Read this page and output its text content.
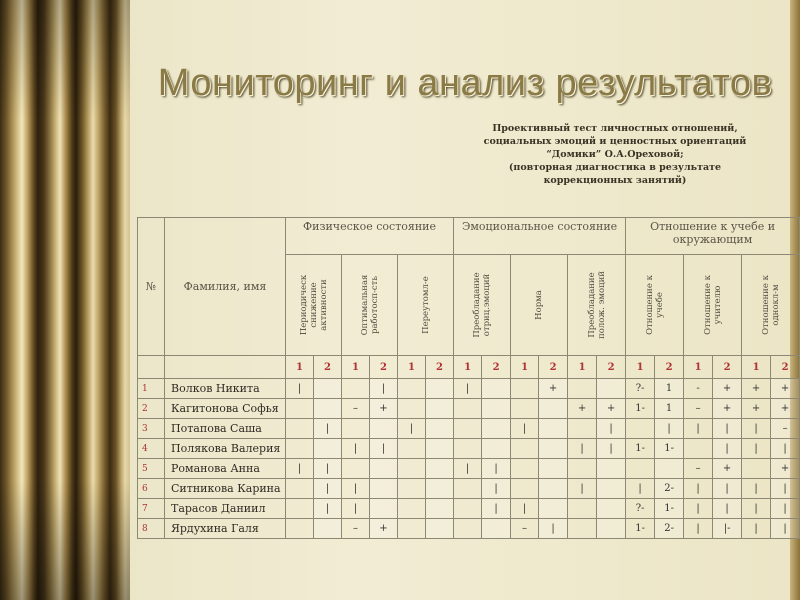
Мониторинг и анализ результатов
Проективный тест личностных отношений,
социальных эмоций и ценностных ориентаций
“Домики” О.А.Ореховой;
(повторная диагностика в результате
коррекционных занятий)
№	Фамилия, имя	Физическое состояние						Эмоциональное состояние						Отношение к учебе и окружающим					

		Периодическ
снижение
активности		Оптимальная
работосп-сть		Переутомл-е		Преобладание
отриц.эмоций		Норма		Преобладание
полож. эмоций		Отношение к
учебе		Отношение к
учителю		Отношение к
однокл-м	

		1	2	1	2	1	2	1	2	1	2	1	2	1	2	1	2	1	2
1	Волков Никита	|			|			|			+			?-	1	-	+	+	+
2	Кагитонова Софья			–	+							+	+	1-	1	–	+	+	+
3	Потапова Саша		|			|				|			|		|	|	|	|	–
4	Полякова Валерия			|	|							|	|	1-	1-		|	|	|
5	Романова Анна	|	|					|	|							–	+		+
6	Ситникова Карина		|	|					|			|		|	2-	|	|	|	|
7	Тарасов Даниил		|	|					|	|				?-	1-	|	|	|	|
8	Ярдухина Галя			–	+					–	|			1-	2-	|	|-	|	|
